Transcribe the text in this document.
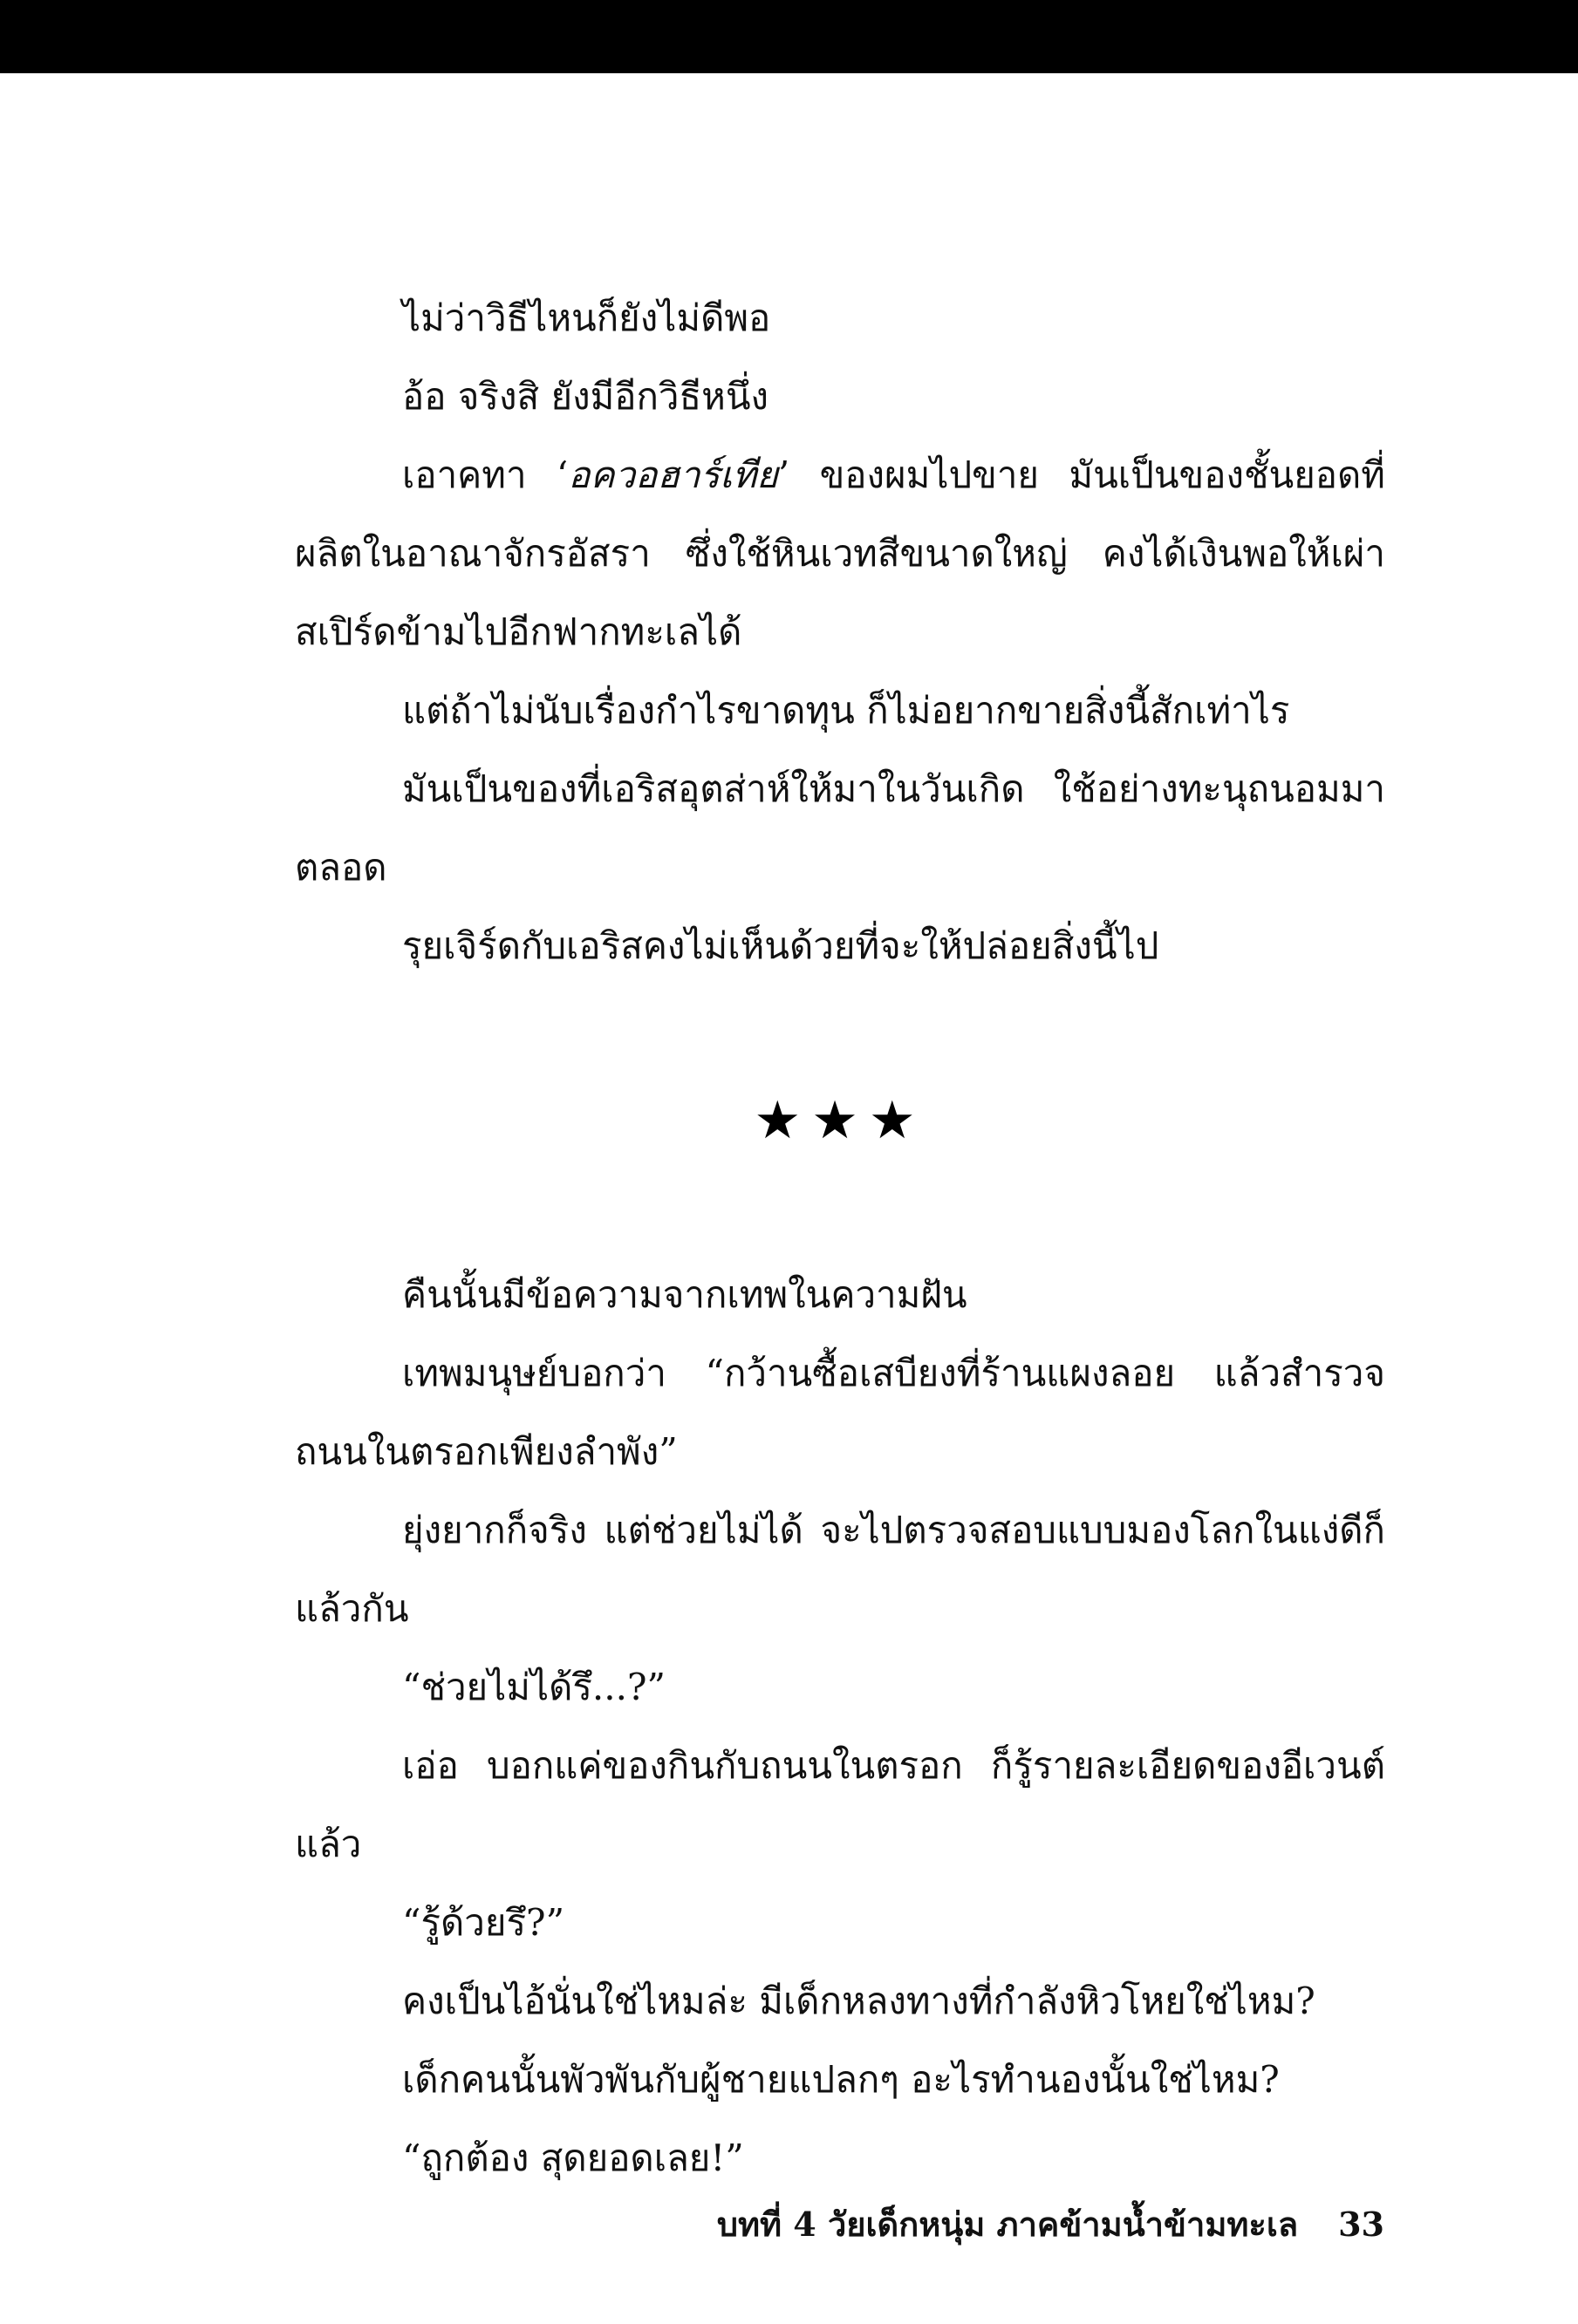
ไม่ว่าวิธีไหนก็ยังไม่ดีพอ

อ้อ จริงสิ ยังมีอีกวิธีหนึ่ง

เอาคทา ‘อควอฮาร์เทีย’ ของผมไปขาย มันเป็นของชั้นยอดที่ผลิตในอาณาจักรอัสรา ซึ่งใช้หินเวทสีขนาดใหญ่ คงได้เงินพอให้เผ่าสเปิร์ดข้ามไปอีกฟากทะเลได้

แต่ถ้าไม่นับเรื่องกำไรขาดทุน ก็ไม่อยากขายสิ่งนี้สักเท่าไร

มันเป็นของที่เอริสอุตส่าห์ให้มาในวันเกิด ใช้อย่างทะนุถนอมมาตลอด

รุยเจิร์ดกับเอริสคงไม่เห็นด้วยที่จะให้ปล่อยสิ่งนี้ไป

★★★

คืนนั้นมีข้อความจากเทพในความฝัน

เทพมนุษย์บอกว่า “กว้านซื้อเสบียงที่ร้านแผงลอย แล้วสำรวจถนนในตรอกเพียงลำพัง”

ยุ่งยากก็จริง แต่ช่วยไม่ได้ จะไปตรวจสอบแบบมองโลกในแง่ดีก็แล้วกัน

“ช่วยไม่ได้รึ...?”

เอ่อ บอกแค่ของกินกับถนนในตรอก ก็รู้รายละเอียดของอีเวนต์แล้ว

“รู้ด้วยรึ?”

คงเป็นไอ้นั่นใช่ไหมล่ะ มีเด็กหลงทางที่กำลังหิวโหยใช่ไหม?

เด็กคนนั้นพัวพันกับผู้ชายแปลกๆ อะไรทำนองนั้นใช่ไหม?

“ถูกต้อง สุดยอดเลย!”

บทที่ 4 วัยเด็กหนุ่ม ภาคข้ามน้ำข้ามทะเล 33
